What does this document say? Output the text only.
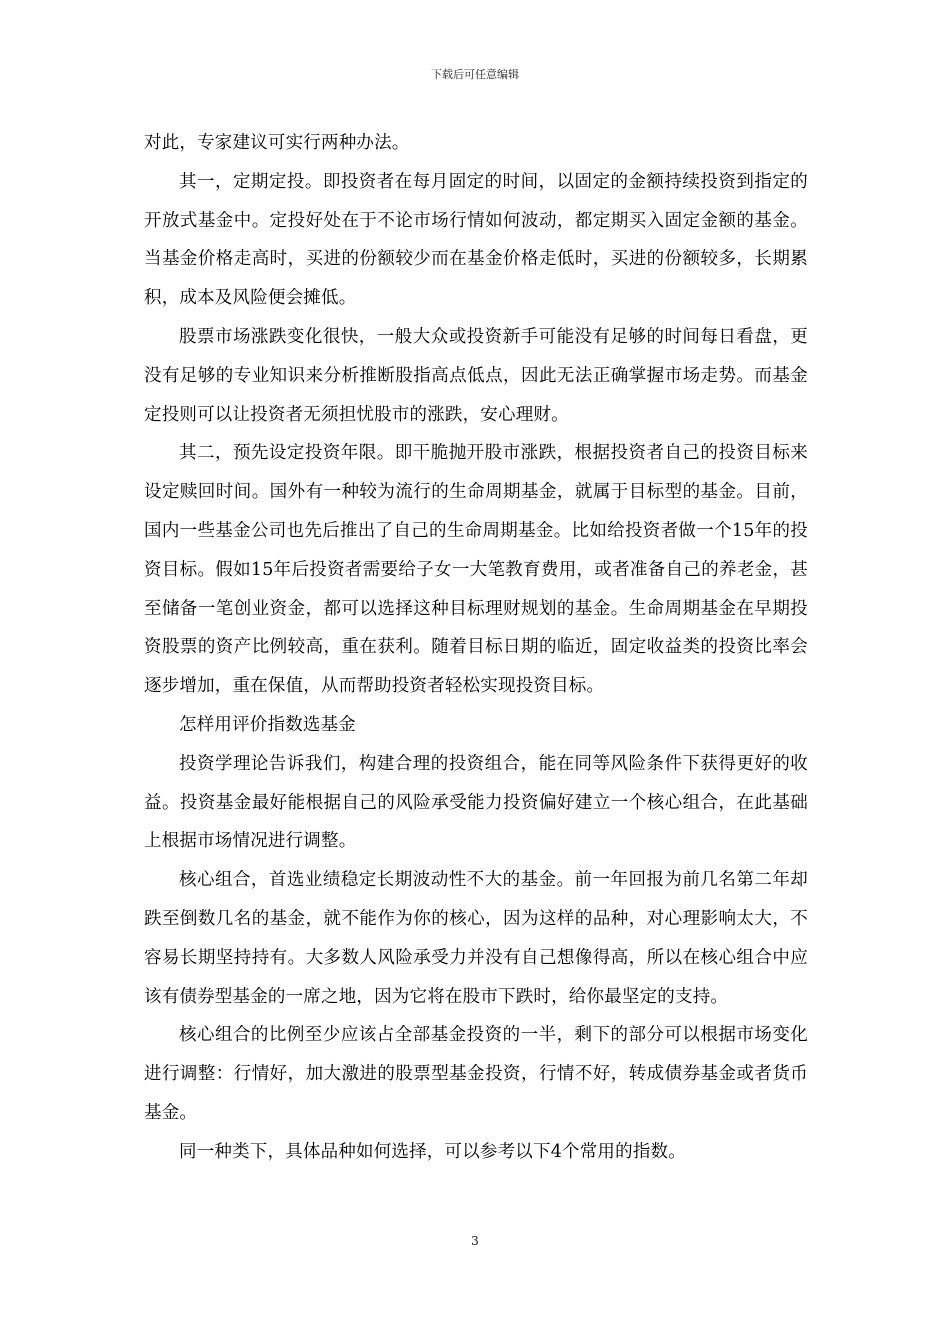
下载后可任意编辑

对此，专家建议可实行两种办法。

其一，定期定投。即投资者在每月固定的时间，以固定的金额持续投资到指定的开放式基金中。定投好处在于不论市场行情如何波动，都定期买入固定金额的基金。当基金价格走高时，买进的份额较少而在基金价格走低时，买进的份额较多，长期累积，成本及风险便会摊低。

股票市场涨跌变化很快，一般大众或投资新手可能没有足够的时间每日看盘，更没有足够的专业知识来分析推断股指高点低点，因此无法正确掌握市场走势。而基金定投则可以让投资者无须担忧股市的涨跌，安心理财。

其二，预先设定投资年限。即干脆抛开股市涨跌，根据投资者自己的投资目标来设定赎回时间。国外有一种较为流行的生命周期基金，就属于目标型的基金。目前，国内一些基金公司也先后推出了自己的生命周期基金。比如给投资者做一个15年的投资目标。假如15年后投资者需要给子女一大笔教育费用，或者准备自己的养老金，甚至储备一笔创业资金，都可以选择这种目标理财规划的基金。生命周期基金在早期投资股票的资产比例较高，重在获利。随着目标日期的临近，固定收益类的投资比率会逐步增加，重在保值，从而帮助投资者轻松实现投资目标。

怎样用评价指数选基金

投资学理论告诉我们，构建合理的投资组合，能在同等风险条件下获得更好的收益。投资基金最好能根据自己的风险承受能力投资偏好建立一个核心组合，在此基础上根据市场情况进行调整。

核心组合，首选业绩稳定长期波动性不大的基金。前一年回报为前几名第二年却跌至倒数几名的基金，就不能作为你的核心，因为这样的品种，对心理影响太大，不容易长期坚持持有。大多数人风险承受力并没有自己想像得高，所以在核心组合中应该有债券型基金的一席之地，因为它将在股市下跌时，给你最坚定的支持。

核心组合的比例至少应该占全部基金投资的一半，剩下的部分可以根据市场变化进行调整：行情好，加大激进的股票型基金投资，行情不好，转成债券基金或者货币基金。

同一种类下，具体品种如何选择，可以参考以下4个常用的指数。

3
